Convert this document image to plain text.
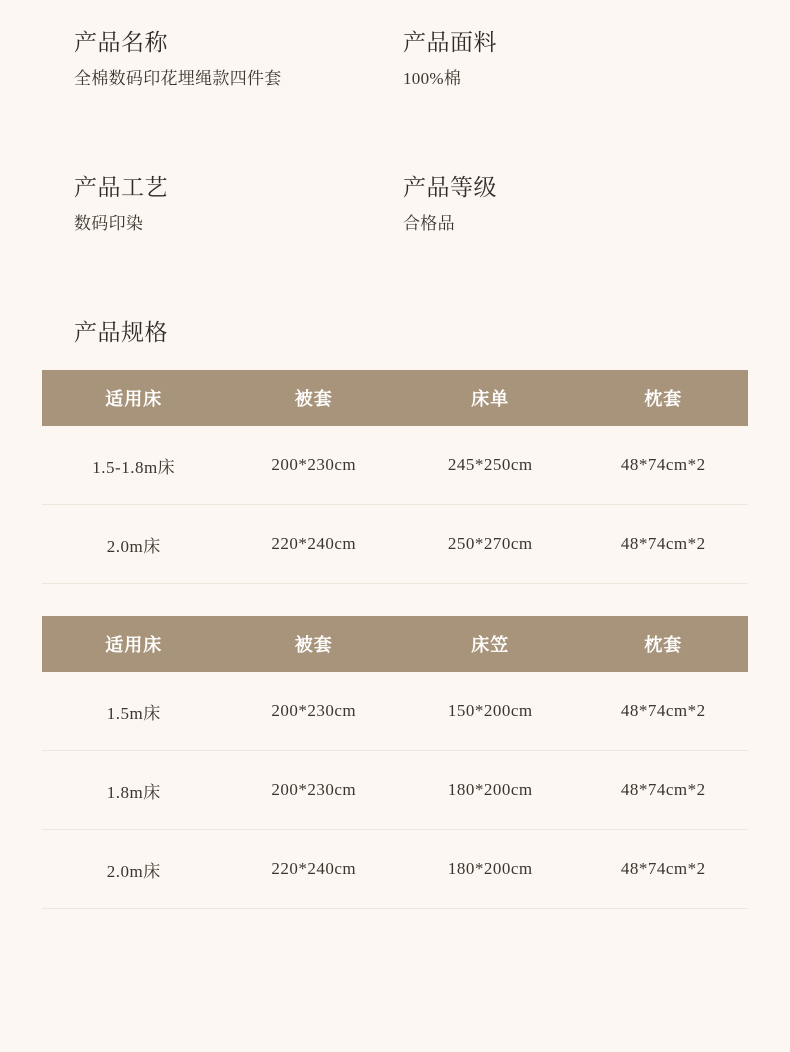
产品名称
全棉数码印花埋绳款四件套
产品面料
100%棉
产品工艺
数码印染
产品等级
合格品
产品规格
适用床	被套	床单	枕套
1.5-1.8m床	200*230cm	245*250cm	48*74cm*2
2.0m床	220*240cm	250*270cm	48*74cm*2
适用床	被套	床笠	枕套
1.5m床	200*230cm	150*200cm	48*74cm*2
1.8m床	200*230cm	180*200cm	48*74cm*2
2.0m床	220*240cm	180*200cm	48*74cm*2
